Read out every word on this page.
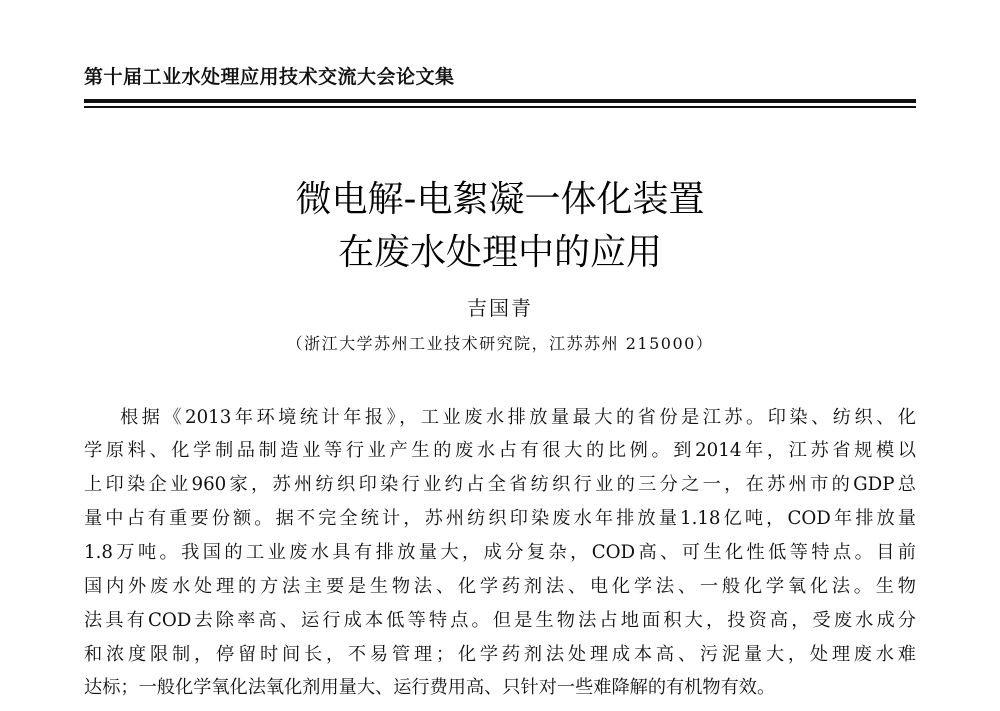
第十届工业水处理应用技术交流大会论文集
微电解-电絮凝一体化装置
在废水处理中的应用
吉国青
（浙江大学苏州工业技术研究院，江苏苏州 215000）
根据《2013年环境统计年报》，工业废水排放量最大的省份是江苏。印染、纺织、化
学原料、化学制品制造业等行业产生的废水占有很大的比例。到2014年，江苏省规模以
上印染企业960家，苏州纺织印染行业约占全省纺织行业的三分之一，在苏州市的GDP总
量中占有重要份额。据不完全统计，苏州纺织印染废水年排放量1.18亿吨，COD年排放量
1.8万吨。我国的工业废水具有排放量大，成分复杂，COD高、可生化性低等特点。目前
国内外废水处理的方法主要是生物法、化学药剂法、电化学法、一般化学氧化法。生物
法具有COD去除率高、运行成本低等特点。但是生物法占地面积大，投资高，受废水成分
和浓度限制，停留时间长，不易管理；化学药剂法处理成本高、污泥量大，处理废水难
达标；一般化学氧化法氧化剂用量大、运行费用高、只针对一些难降解的有机物有效。
